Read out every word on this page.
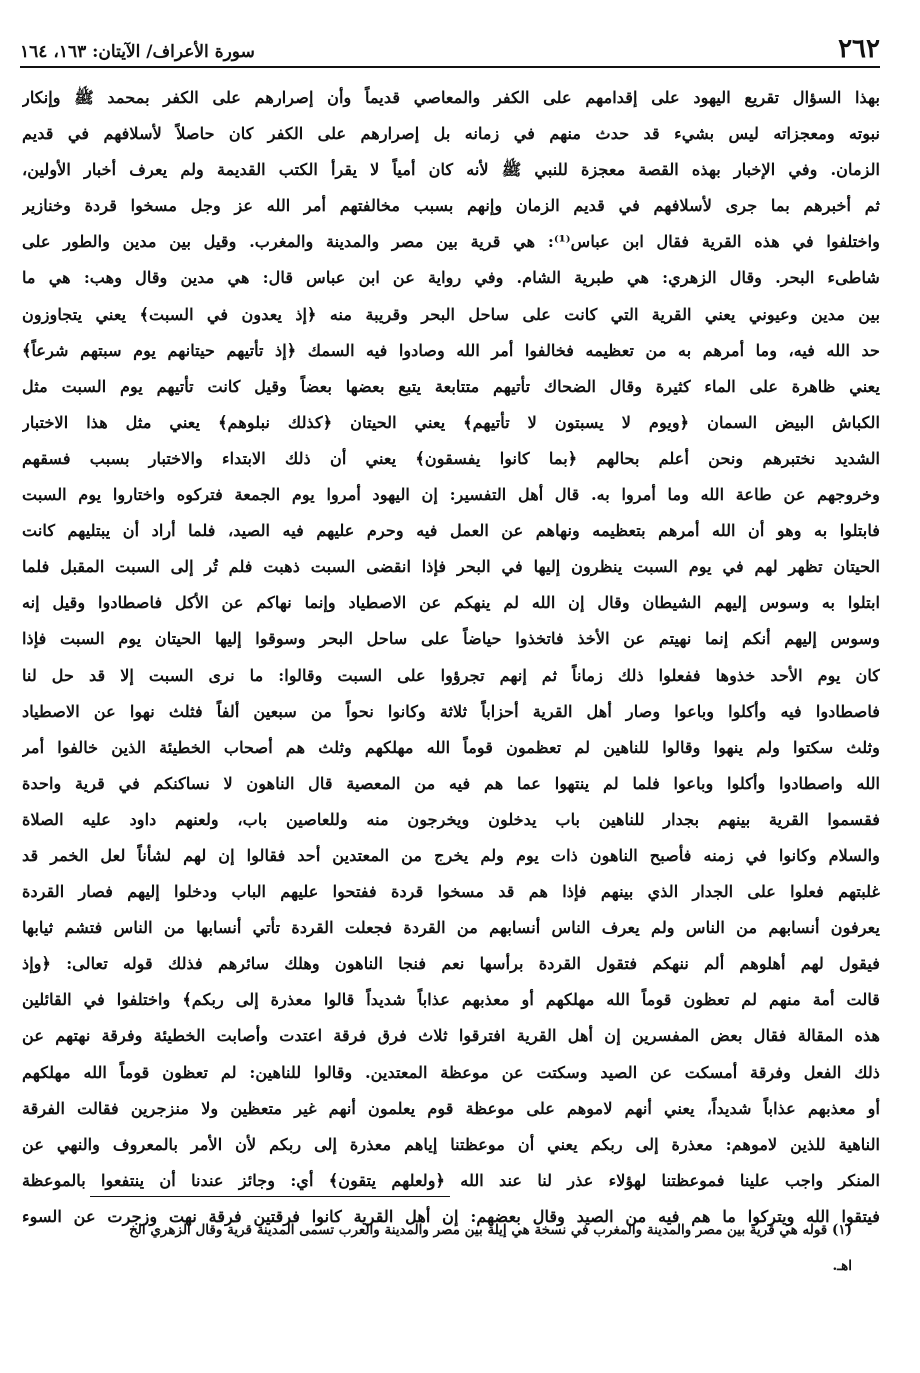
٢٦٢
سورة الأعراف/ الآيتان: ١٦٣، ١٦٤
بهذا السؤال تقريع اليهود على إقدامهم على الكفر والمعاصي قديماً وأن إصرارهم على الكفر بمحمد ﷺ وإنكار
نبوته ومعجزاته ليس بشيء قد حدث منهم في زمانه بل إصرارهم على الكفر كان حاصلاً لأسلافهم في قديم
الزمان. وفي الإخبار بهذه القصة معجزة للنبي ﷺ لأنه كان أمياً لا يقرأ الكتب القديمة ولم يعرف أخبار الأولين،
ثم أخبرهم بما جرى لأسلافهم في قديم الزمان وإنهم بسبب مخالفتهم أمر الله عز وجل مسخوا قردة وخنازير
واختلفوا في هذه القرية فقال ابن عباس⁽¹⁾: هي قرية بين مصر والمدينة والمغرب. وقيل بين مدين والطور على
شاطىء البحر. وقال الزهري: هي طبرية الشام. وفي رواية عن ابن عباس قال: هي مدين وقال وهب: هي ما
بين مدين وعيوني يعني القرية التي كانت على ساحل البحر وقريبة منه ﴿إذ يعدون في السبت﴾ يعني يتجاوزون
حد الله فيه، وما أمرهم به من تعظيمه فخالفوا أمر الله وصادوا فيه السمك ﴿إذ تأتيهم حيتانهم يوم سبتهم شرعاً﴾
يعني ظاهرة على الماء كثيرة وقال الضحاك تأتيهم متتابعة يتبع بعضها بعضاً وقيل كانت تأتيهم يوم السبت مثل
الكباش البيض السمان ﴿ويوم لا يسبتون لا تأتيهم﴾ يعني الحيتان ﴿كذلك نبلوهم﴾ يعني مثل هذا الاختبار
الشديد نختبرهم ونحن أعلم بحالهم ﴿بما كانوا يفسقون﴾ يعني أن ذلك الابتداء والاختبار بسبب فسقهم
وخروجهم عن طاعة الله وما أمروا به. قال أهل التفسير: إن اليهود أمروا يوم الجمعة فتركوه واختاروا يوم السبت
فابتلوا به وهو أن الله أمرهم بتعظيمه ونهاهم عن العمل فيه وحرم عليهم فيه الصيد، فلما أراد أن يبتليهم كانت
الحيتان تظهر لهم في يوم السبت ينظرون إليها في البحر فإذا انقضى السبت ذهبت فلم تُر إلى السبت المقبل فلما
ابتلوا به وسوس إليهم الشيطان وقال إن الله لم ينهكم عن الاصطياد وإنما نهاكم عن الأكل فاصطادوا وقيل إنه
وسوس إليهم أنكم إنما نهيتم عن الأخذ فاتخذوا حياضاً على ساحل البحر وسوقوا إليها الحيتان يوم السبت فإذا
كان يوم الأحد خذوها ففعلوا ذلك زماناً ثم إنهم تجرؤوا على السبت وقالوا: ما نرى السبت إلا قد حل لنا
فاصطادوا فيه وأكلوا وباعوا وصار أهل القرية أحزاباً ثلاثة وكانوا نحواً من سبعين ألفاً فثلث نهوا عن الاصطياد
وثلث سكتوا ولم ينهوا وقالوا للناهين لم تعظمون قوماً الله مهلكهم وثلث هم أصحاب الخطيئة الذين خالفوا أمر
الله واصطادوا وأكلوا وباعوا فلما لم ينتهوا عما هم فيه من المعصية قال الناهون لا نساكنكم في قرية واحدة
فقسموا القرية بينهم بجدار للناهين باب يدخلون ويخرجون منه وللعاصين باب، ولعنهم داود عليه الصلاة
والسلام وكانوا في زمنه فأصبح الناهون ذات يوم ولم يخرج من المعتدين أحد فقالوا إن لهم لشأناً لعل الخمر قد
غلبتهم فعلوا على الجدار الذي بينهم فإذا هم قد مسخوا قردة ففتحوا عليهم الباب ودخلوا إليهم فصار القردة
يعرفون أنسابهم من الناس ولم يعرف الناس أنسابهم من القردة فجعلت القردة تأتي أنسابها من الناس فتشم ثيابها
فيقول لهم أهلوهم ألم ننهكم فتقول القردة برأسها نعم فنجا الناهون وهلك سائرهم فذلك قوله تعالى: ﴿وإذ
قالت أمة منهم لم تعظون قوماً الله مهلكهم أو معذبهم عذاباً شديداً قالوا معذرة إلى ربكم﴾ واختلفوا في القائلين
هذه المقالة فقال بعض المفسرين إن أهل القرية افترقوا ثلاث فرق فرقة اعتدت وأصابت الخطيئة وفرقة نهتهم عن
ذلك الفعل وفرقة أمسكت عن الصيد وسكتت عن موعظة المعتدين. وقالوا للناهين: لم تعظون قوماً الله مهلكهم
أو معذبهم عذاباً شديداً، يعني أنهم لاموهم على موعظة قوم يعلمون أنهم غير متعظين ولا منزجرين فقالت الفرقة
الناهية للذين لاموهم: معذرة إلى ربكم يعني أن موعظتنا إياهم معذرة إلى ربكم لأن الأمر بالمعروف والنهي عن
المنكر واجب علينا فموعظتنا لهؤلاء عذر لنا عند الله ﴿ولعلهم يتقون﴾ أي: وجائز عندنا أن ينتفعوا بالموعظة
فيتقوا الله ويتركوا ما هم فيه من الصيد وقال بعضهم: إن أهل القرية كانوا فرقتين فرقة نهت وزجرت عن السوء
(١) قوله هي قرية بين مصر والمدينة والمغرب في نسخة هي إيلة بين مصر والمدينة والعرب تسمى المدينة قرية وقال الزهري الخ
اهـ.
